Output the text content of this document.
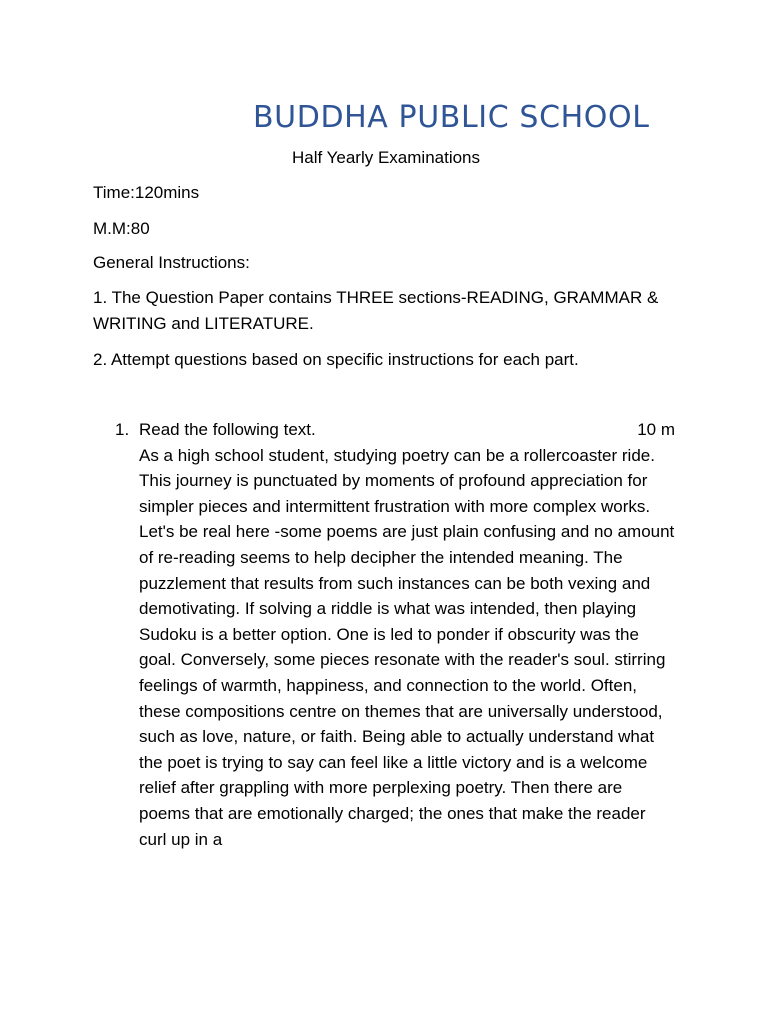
BUDDHA PUBLIC SCHOOL
Half Yearly Examinations
Time:120mins
M.M:80
General Instructions:

1. The Question Paper contains THREE sections-READING, GRAMMAR & WRITING and LITERATURE.

2. Attempt questions based on specific instructions for each part.

1. Read the following text.	10 m

As a high school student, studying poetry can be a rollercoaster ride. This journey is punctuated by moments of profound appreciation for simpler pieces and intermittent frustration with more complex works. Let's be real here -some poems are just plain confusing and no amount of re-reading seems to help decipher the intended meaning. The puzzlement that results from such instances can be both vexing and demotivating. If solving a riddle is what was intended, then playing Sudoku is a better option. One is led to ponder if obscurity was the goal. Conversely, some pieces resonate with the reader's soul. stirring feelings of warmth, happiness, and connection to the world. Often, these compositions centre on themes that are universally understood, such as love, nature, or faith. Being able to actually understand what the poet is trying to say can feel like a little victory and is a welcome relief after grappling with more perplexing poetry. Then there are poems that are emotionally charged; the ones that make the reader curl up in a
